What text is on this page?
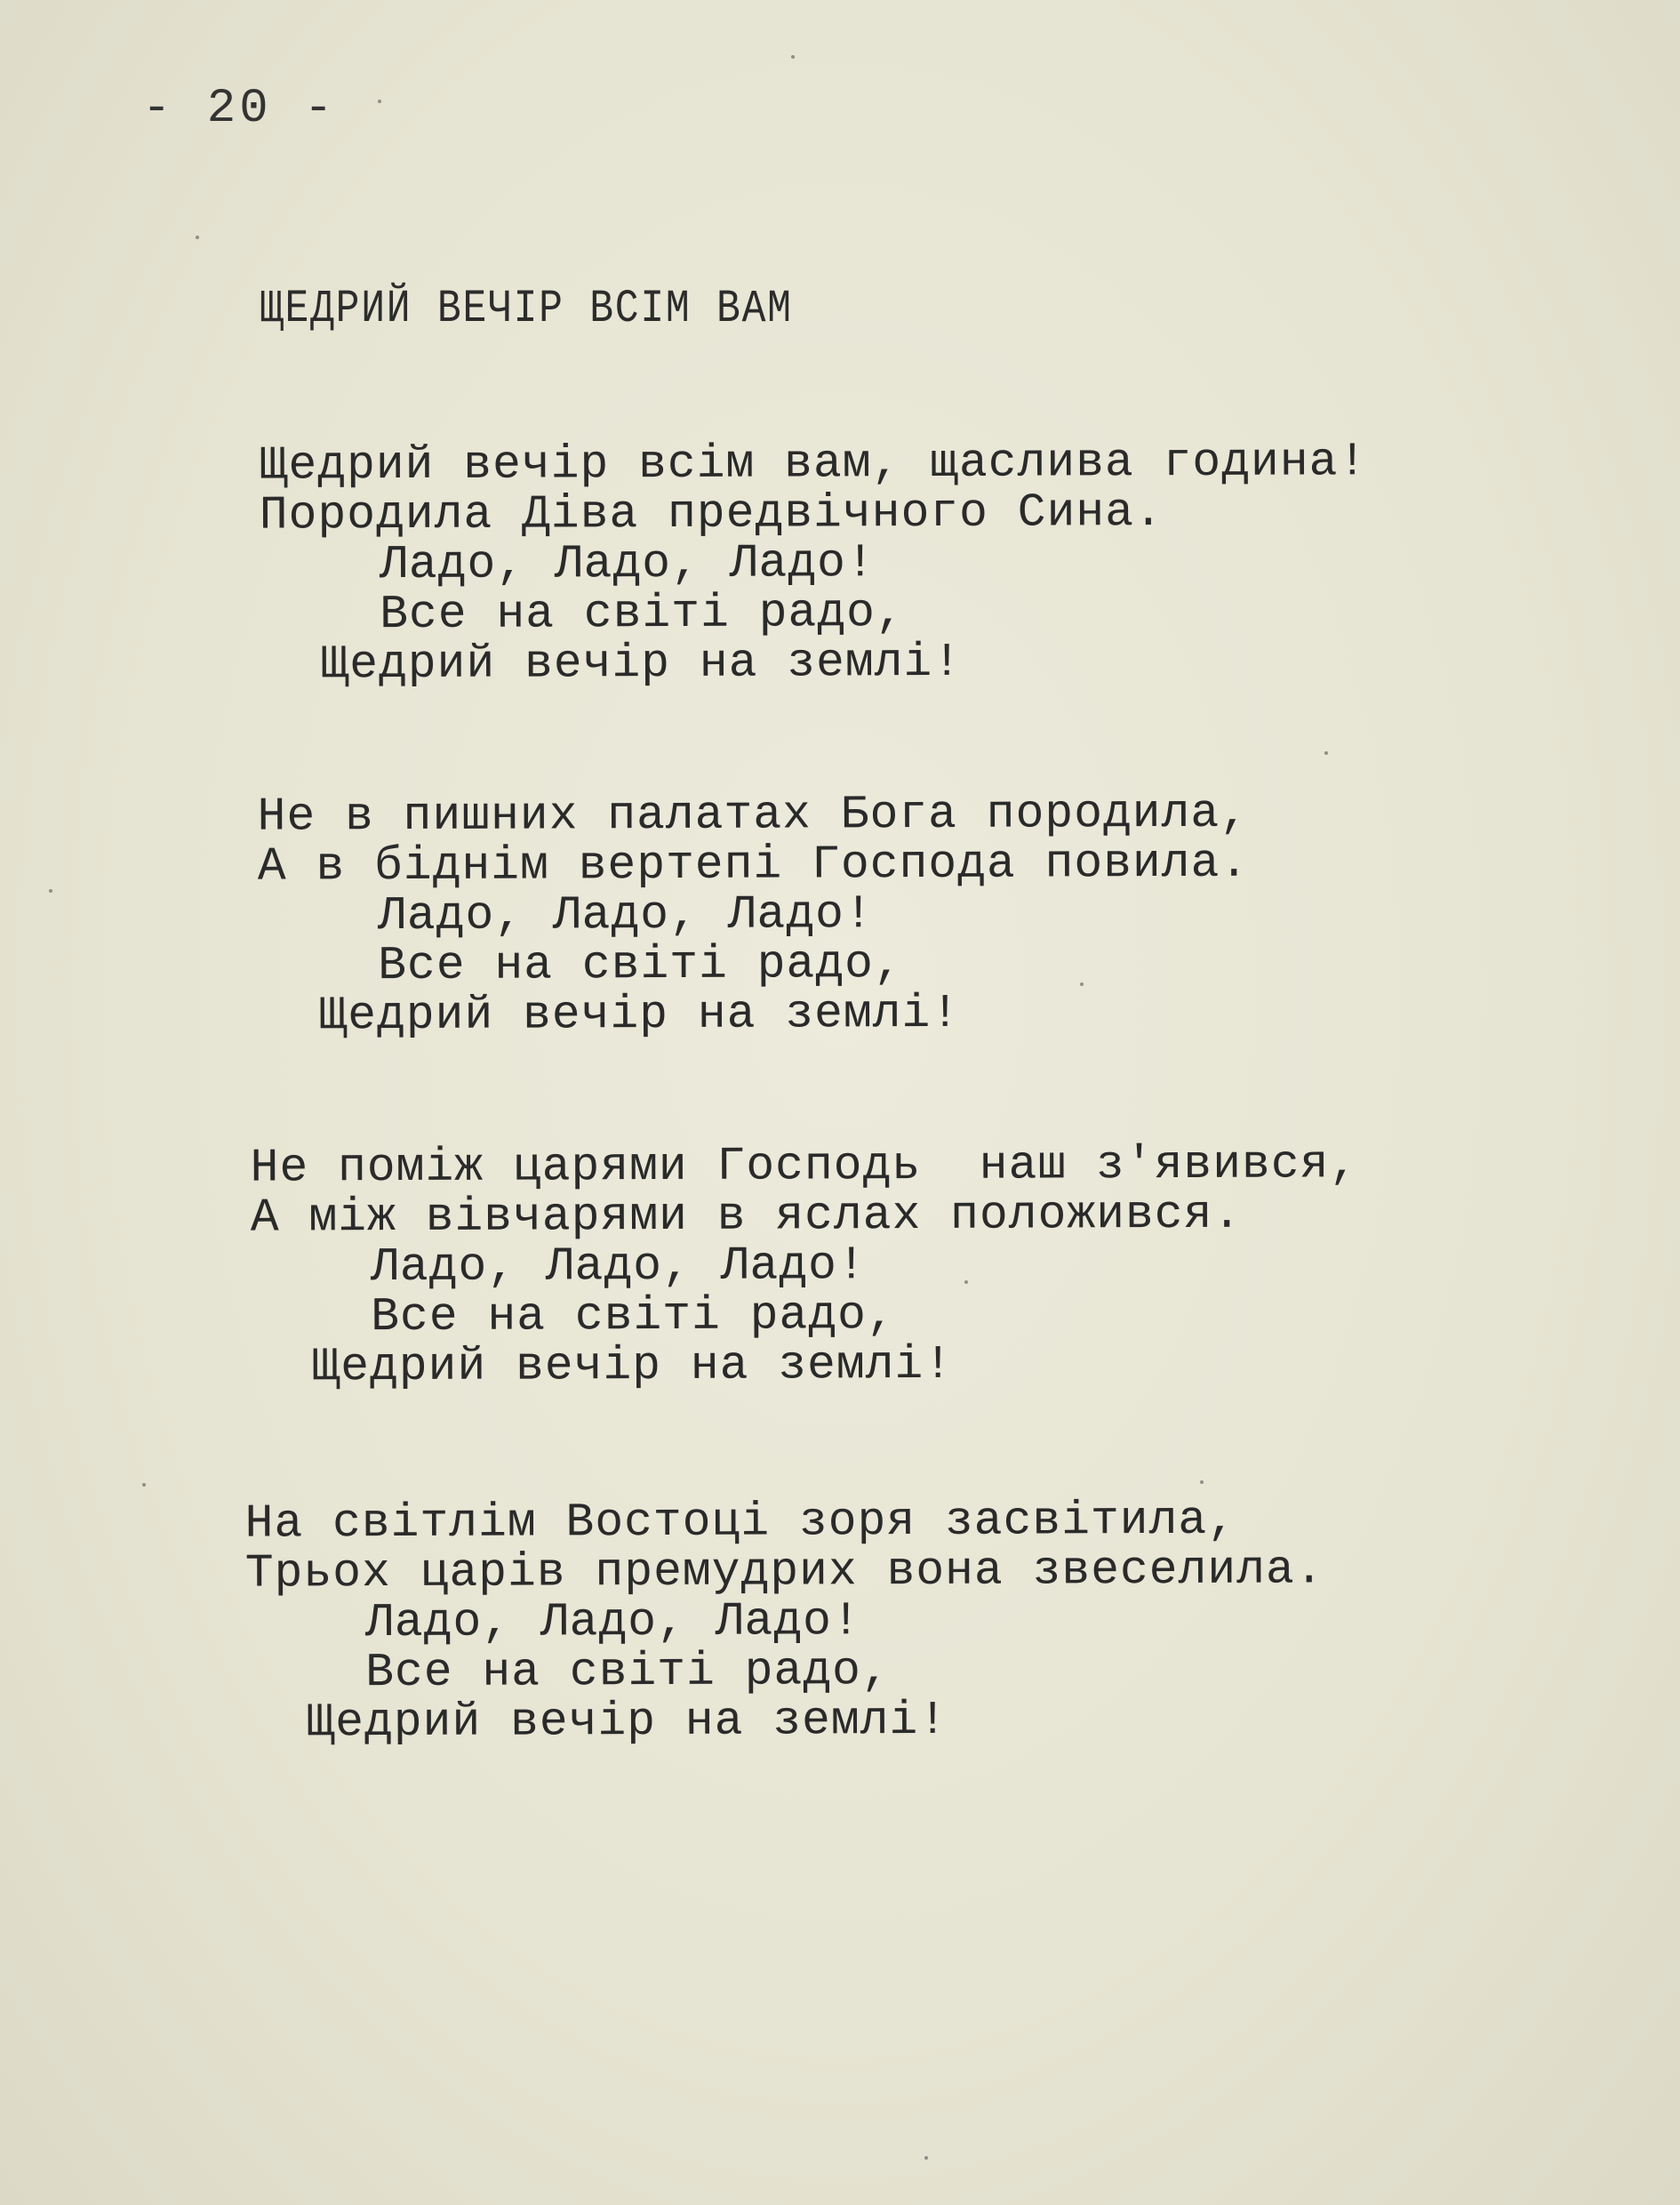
- 20 -
ЩЕДРИЙ ВЕЧІР ВСІМ ВАМ
Щедрий вечір всім вам, щаслива година!
Породила Діва предвічного Сина.
Ладо, Ладо, Ладо!
Все на світі радо,
Щедрий вечір на землі!
Не в пишних палатах Бога породила,
А в біднім вертепі Господа повила.
Ладо, Ладо, Ладо!
Все на світі радо,
Щедрий вечір на землі!
Не поміж царями Господь  наш з'явився,
А між вівчарями в яслах положився.
Ладо, Ладо, Ладо!
Все на світі радо,
Щедрий вечір на землі!
На світлім Востоці зоря засвітила,
Трьох царів премудрих вона звеселила.
Ладо, Ладо, Ладо!
Все на світі радо,
Щедрий вечір на землі!
